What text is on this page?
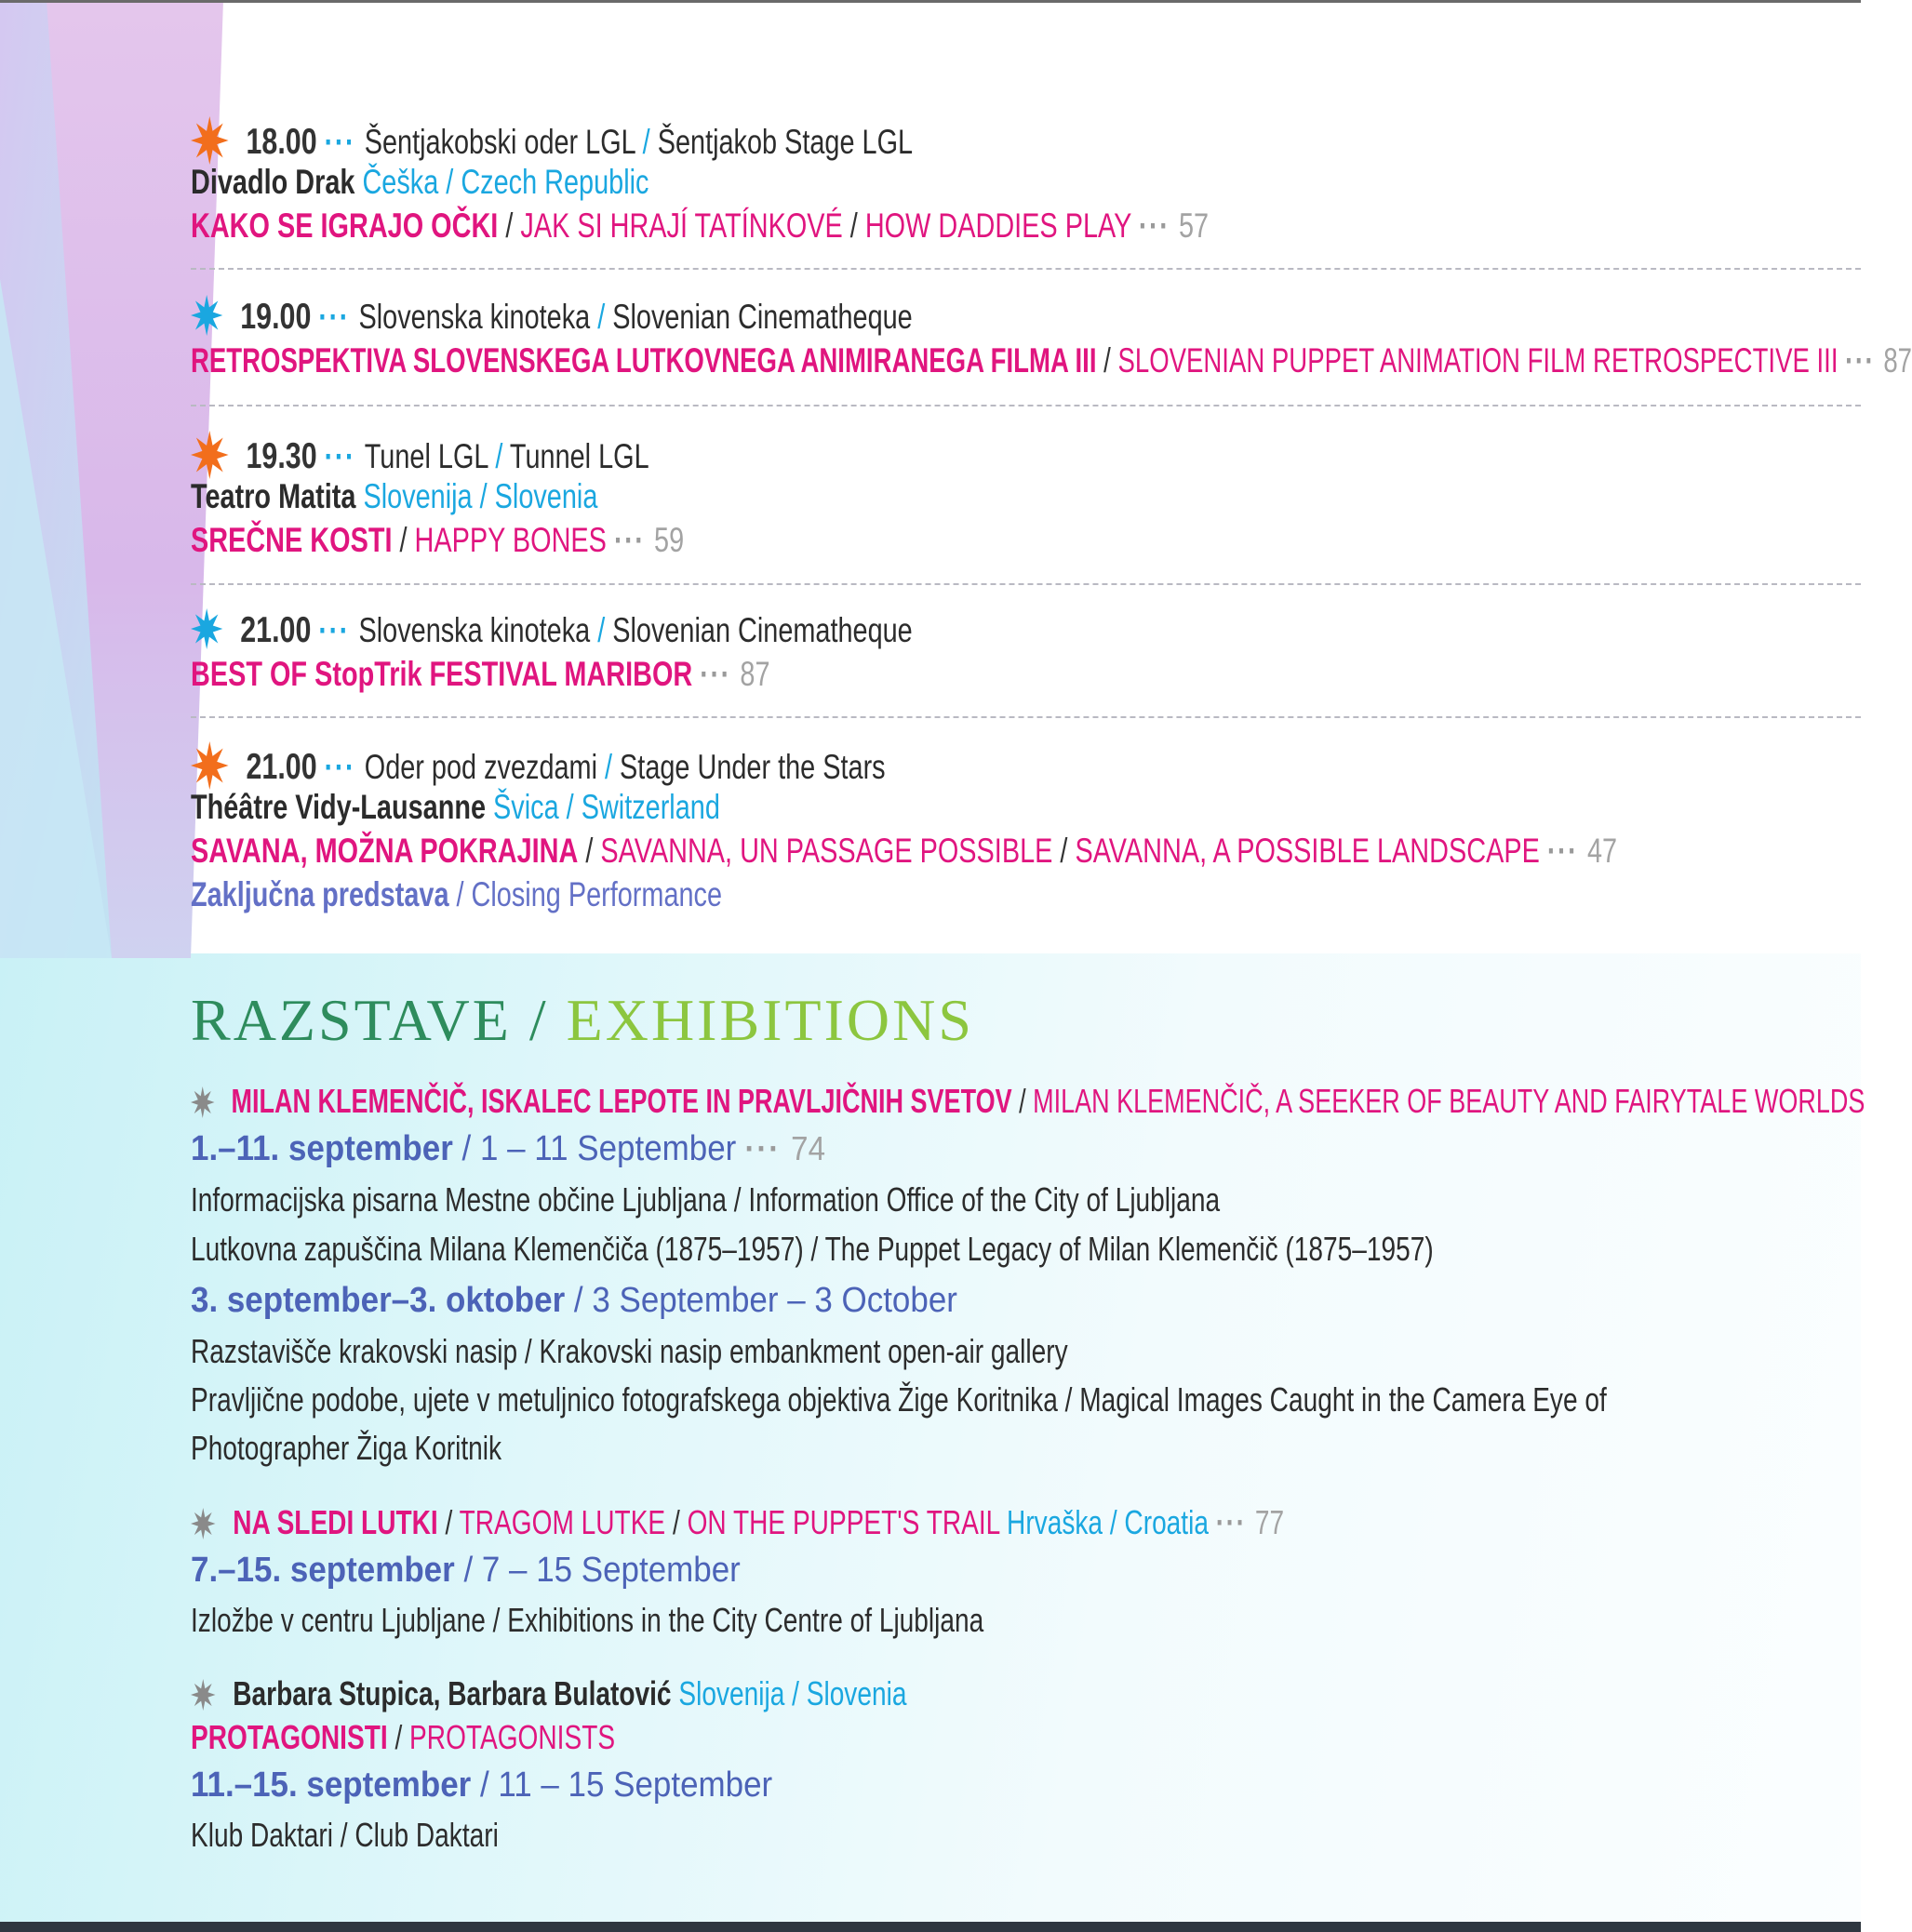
18.00 ··· Šentjakobski oder LGL / Šentjakob Stage LGL
Divadlo Drak Češka / Czech Republic
KAKO SE IGRAJO OČKI / JAK SI HRAJÍ TATÍNKOVÉ / HOW DADDIES PLAY ··· 57
19.00 ··· Slovenska kinoteka / Slovenian Cinematheque
RETROSPEKTIVA SLOVENSKEGA LUTKOVNEGA ANIMIRANEGA FILMA III / SLOVENIAN PUPPET ANIMATION FILM RETROSPECTIVE III ··· 87
19.30 ··· Tunel LGL / Tunnel LGL
Teatro Matita Slovenija / Slovenia
SREČNE KOSTI / HAPPY BONES ··· 59
21.00 ··· Slovenska kinoteka / Slovenian Cinematheque
BEST OF StopTrik FESTIVAL MARIBOR ··· 87
21.00 ··· Oder pod zvezdami / Stage Under the Stars
Théâtre Vidy-Lausanne Švica / Switzerland
SAVANA, MOŽNA POKRAJINA / SAVANNA, UN PASSAGE POSSIBLE / SAVANNA, A POSSIBLE LANDSCAPE ··· 47
Zaključna predstava / Closing Performance
RAZSTAVE / EXHIBITIONS
MILAN KLEMENČIČ, ISKALEC LEPOTE IN PRAVLJIČNIH SVETOV / MILAN KLEMENČIČ, A SEEKER OF BEAUTY AND FAIRYTALE WORLDS
1.–11. september / 1 – 11 September ··· 74
Informacijska pisarna Mestne občine Ljubljana / Information Office of the City of Ljubljana
Lutkovna zapuščina Milana Klemenčiča (1875–1957) / The Puppet Legacy of Milan Klemenčič (1875–1957)
3. september–3. oktober / 3 September – 3 October
Razstavišče krakovski nasip / Krakovski nasip embankment open-air gallery
Pravljične podobe, ujete v metuljnico fotografskega objektiva Žige Koritnika / Magical Images Caught in the Camera Eye of
Photographer Žiga Koritnik
NA SLEDI LUTKI / TRAGOM LUTKE / ON THE PUPPET'S TRAIL Hrvaška / Croatia ··· 77
7.–15. september / 7 – 15 September
Izložbe v centru Ljubljane / Exhibitions in the City Centre of Ljubljana
Barbara Stupica, Barbara Bulatović Slovenija / Slovenia
PROTAGONISTI / PROTAGONISTS
11.–15. september / 11 – 15 September
Klub Daktari / Club Daktari
